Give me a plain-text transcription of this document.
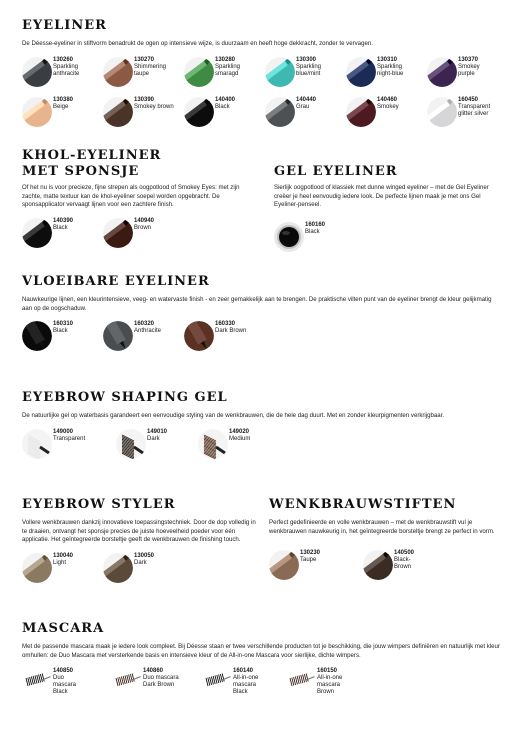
EYELINER

De Déesse-eyeliner in stiftvorm benadrukt de ogen op intensieve wijze, is duurzaam en heeft hoge dekkracht, zonder te vervagen.

130260
Sparkling anthracite
130270
Shimmering taupe
130280
Sparkling smaragd
130300
Sparkling blue/mint
130310
Sparkling night-blue
130370
Smokey purple
130380
Beige
130390
Smokey brown
140400
Black
140440
Grau
140460
Smokey
160450
Transparent glitter silver
KHOL-EYELINER
MET SPONSJE

Of het nu is voor precieze, fijne strepen als oogpotlood of Smokey Eyes: met zijn zachte, matte textuur kan de khol-eyeliner soepel worden opgebracht. De sponsapplicator vervaagt lijnen voor een zachtere finish.

140390
Black
140940
Brown
GEL EYELINER

Sierlijk oogpotlood of klassiek met dunne winged eyeliner – met de Gel Eyeliner creëer je heel eenvoudig iedere look. De perfecte lijnen maak je met ons Gel Eyeliner-penseel.

160160
Black
VLOEIBARE EYELINER

Nauwkeurige lijnen, een kleurintensieve, veeg- en watervaste finish - en zeer gemakkelijk aan te brengen. De praktische vilten punt van de eyeliner brengt de kleur gelijkmatig aan op de oogschaduw.

160310
Black
160320
Anthracite
160330
Dark Brown
EYEBROW SHAPING GEL

De natuurlijke gel op waterbasis garandeert een eenvoudige styling van de wenkbrauwen, die de hele dag duurt. Met en zonder kleurpigmenten verkrijgbaar.

149000
Transparent
149010
Dark
149020
Medium
EYEBROW STYLER

Vollere wenkbrauwen dankzij innovatieve toepassingstechniek. Door de dop volledig in te draaien, ontvangt het sponsje precies de juiste hoeveelheid poeder voor één applicatie. Het geïntegreerde borsteltje geeft de wenkbrauwen de finishing touch.

130040
Light
130050
Dark
WENKBRAUWSTIFTEN

Perfect gedefinieerde en volle wenkbrauwen – met de wenkbrauwstift vul je wenkbrauwen nauwkeurig in, het geïntegreerde borsteltje brengt ze perfect in vorm.

130230
Taupe
140500
Black-Brown
MASCARA

Met de passende mascara maak je iedere look compleet. Bij Déesse staan er twee verschillende producten tot je beschikking, die jouw wimpers definiëren en natuurlijk met kleur omhullen: de Duo Mascara met versterkende basis en intensieve kleur of de All-in-one Mascara voor sierlijke, dichte wimpers.

140850
Duo mascara Black
140860
Duo mascara Dark Brown
160140
All-in-one mascara Black
160150
All-in-one mascara Brown
